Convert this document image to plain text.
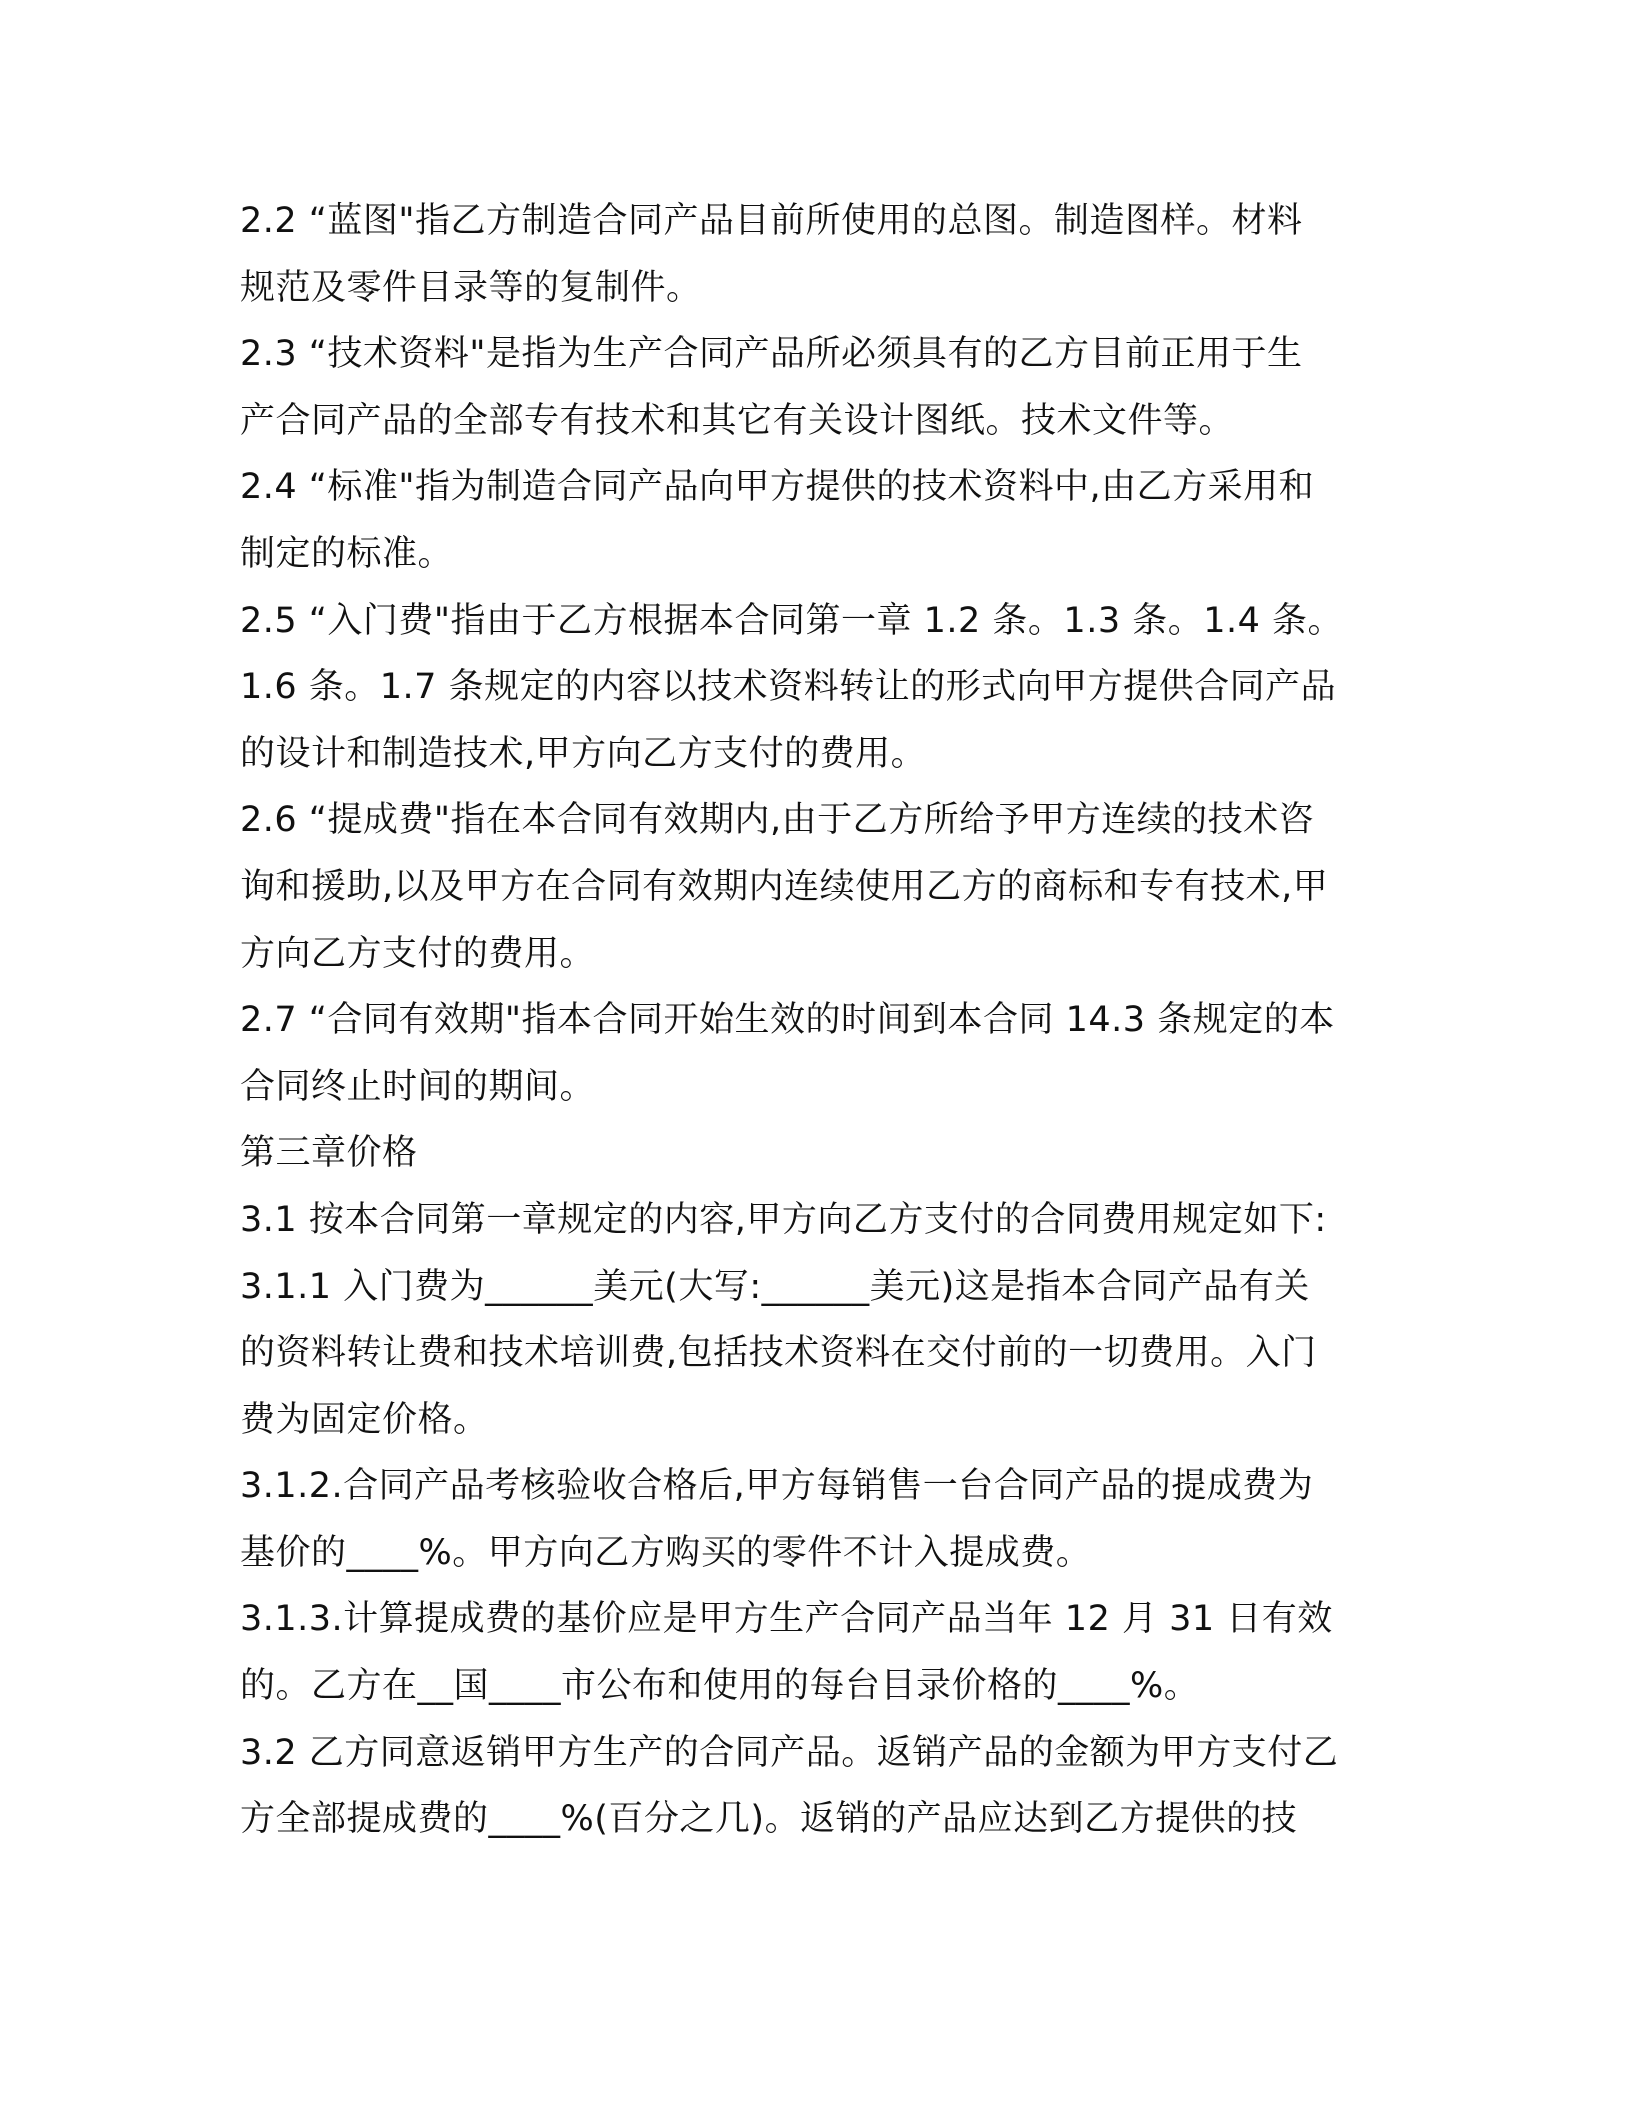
2.2 “蓝图"指乙方制造合同产品目前所使用的总图。制造图样。材料
规范及零件目录等的复制件。
2.3 “技术资料"是指为生产合同产品所必须具有的乙方目前正用于生
产合同产品的全部专有技术和其它有关设计图纸。技术文件等。
2.4 “标准"指为制造合同产品向甲方提供的技术资料中,由乙方采用和
制定的标准。
2.5 “入门费"指由于乙方根据本合同第一章 1.2 条。1.3 条。1.4 条。
1.6 条。1.7 条规定的内容以技术资料转让的形式向甲方提供合同产品
的设计和制造技术,甲方向乙方支付的费用。
2.6 “提成费"指在本合同有效期内,由于乙方所给予甲方连续的技术咨
询和援助,以及甲方在合同有效期内连续使用乙方的商标和专有技术,甲
方向乙方支付的费用。
2.7 “合同有效期"指本合同开始生效的时间到本合同 14.3 条规定的本
合同终止时间的期间。
第三章价格
3.1 按本合同第一章规定的内容,甲方向乙方支付的合同费用规定如下:
3.1.1 入门费为______美元(大写:______美元)这是指本合同产品有关
的资料转让费和技术培训费,包括技术资料在交付前的一切费用。入门
费为固定价格。
3.1.2.合同产品考核验收合格后,甲方每销售一台合同产品的提成费为
基价的____%。甲方向乙方购买的零件不计入提成费。
3.1.3.计算提成费的基价应是甲方生产合同产品当年 12 月 31 日有效
的。乙方在__国____市公布和使用的每台目录价格的____%。
3.2 乙方同意返销甲方生产的合同产品。返销产品的金额为甲方支付乙
方全部提成费的____%(百分之几)。返销的产品应达到乙方提供的技
